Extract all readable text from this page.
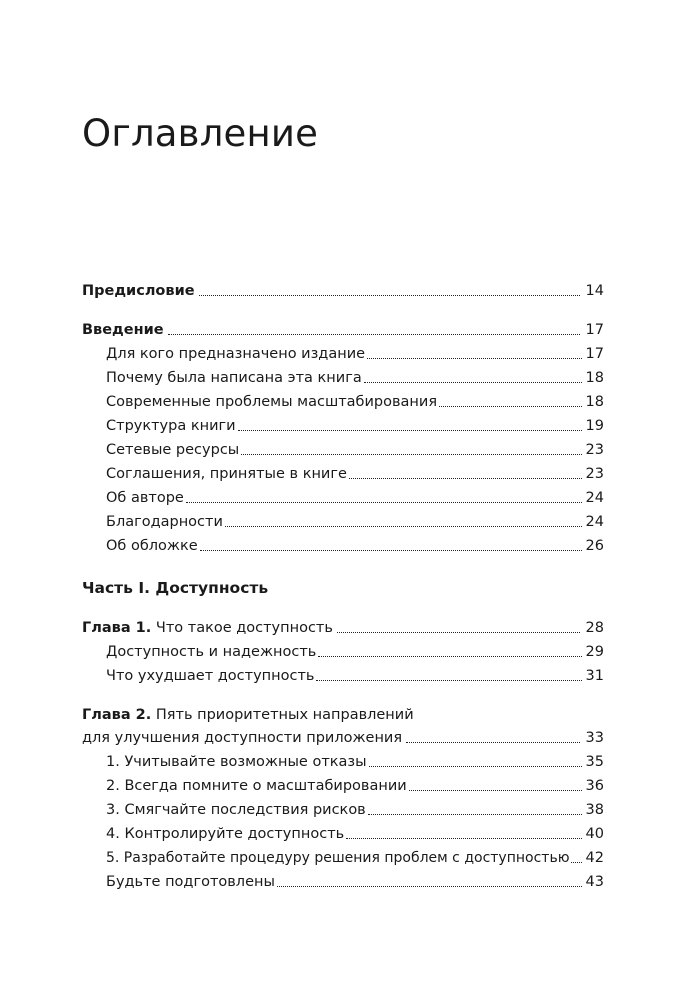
Оглавление
Предисловие	14
Введение	17
Для кого предназначено издание	17
Почему была написана эта книга	18
Современные проблемы масштабирования	18
Структура книги	19
Сетевые ресурсы	23
Соглашения, принятые в книге	23
Об авторе	24
Благодарности	24
Об обложке	26
Часть I. Доступность
Глава 1. Что такое доступность	28
Доступность и надежность	29
Что ухудшает доступность	31
Глава 2. Пять приоритетных направлений
для улучшения доступности приложения	33
1. Учитывайте возможные отказы	35
2. Всегда помните о масштабировании	36
3. Смягчайте последствия рисков	38
4. Контролируйте доступность	40
5. Разработайте процедуру решения проблем с доступностью 42
Будьте подготовлены	43
